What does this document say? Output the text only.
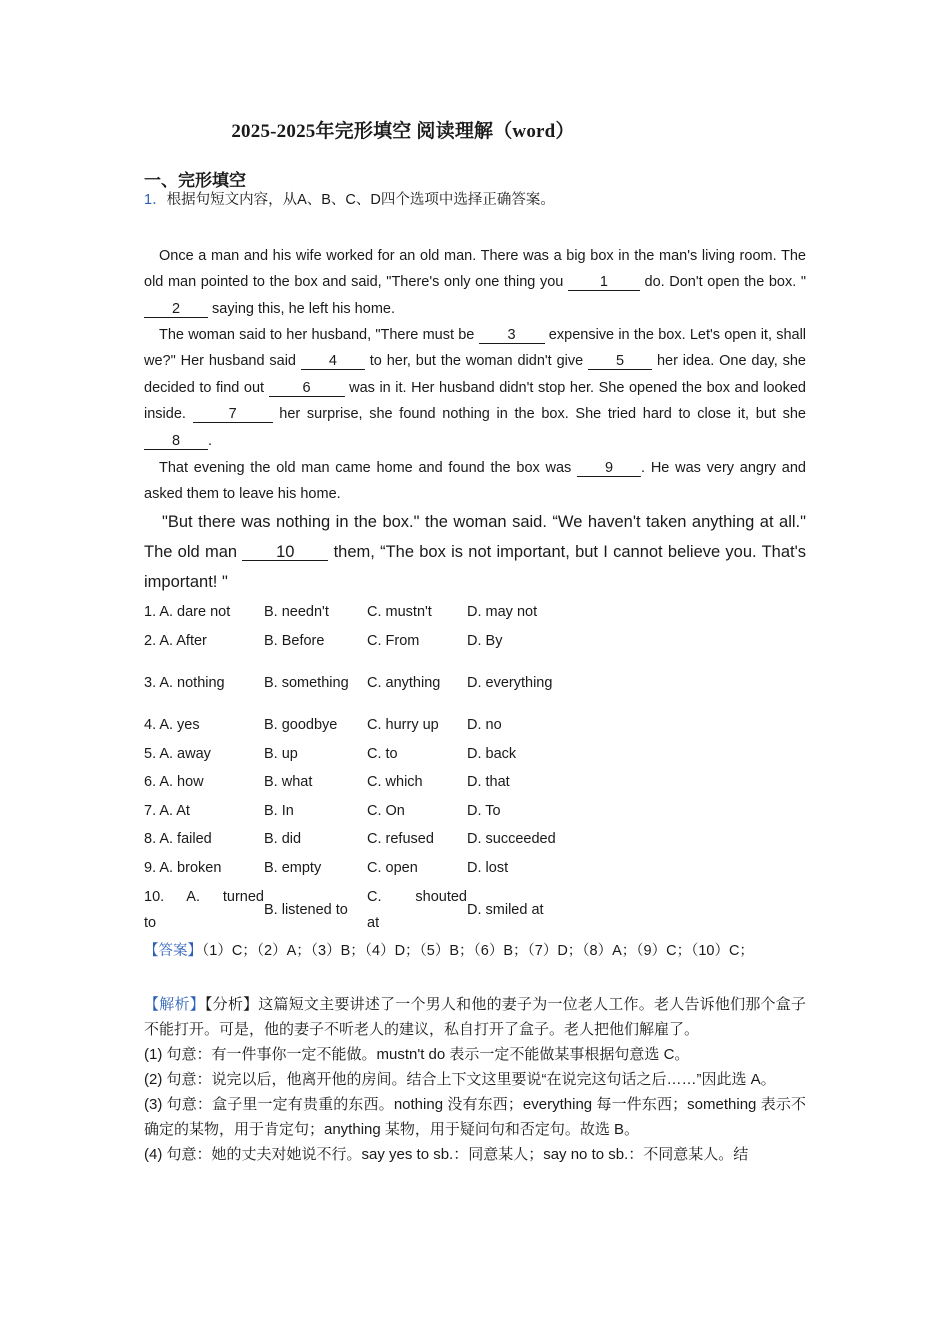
2025-2025年完形填空 阅读理解（word）
一、完形填空
1．根据句短文内容，从A、B、C、D四个选项中选择正确答案。
Once a man and his wife worked for an old man. There was a big box in the man's living room. The old man pointed to the box and said, "There's only one thing you 1 do. Don't open the box. " 2 saying this, he left his home.
The woman said to her husband, "There must be 3 expensive in the box. Let's open it, shall we?" Her husband said 4 to her, but the woman didn't give 5 her idea. One day, she decided to find out 6 was in it. Her husband didn't stop her. She opened the box and looked inside. 7 her surprise, she found nothing in the box. She tried hard to close it, but she 8 .
That evening the old man came home and found the box was 9 . He was very angry and asked them to leave his home.
"But there was nothing in the box." the woman said. “We haven't taken anything at all." The old man 10 them, “The box is not important, but I cannot believe you. That's important! "
1. A. dare not	B. needn't	C. mustn't	D. may not
2. A. After	B. Before	C. From	D. By
3. A. nothing	B. something	C. anything	D. everything
4. A. yes	B. goodbye	C. hurry up	D. no
5. A. away	B. up	C. to	D. back
6. A. how	B. what	C. which	D. that
7. A. At	B. In	C. On	D. To
8. A. failed	B. did	C. refused	D. succeeded
9. A. broken	B. empty	C. open	D. lost
10. A. turned to	B. listened to	C. shouted at	D. smiled at
【答案】（1）C；（2）A；（3）B；（4）D；（5）B；（6）B；（7）D；（8）A；（9）C；（10）C；

【解析】【分析】这篇短文主要讲述了一个男人和他的妻子为一位老人工作。老人告诉他们那个盒子不能打开。可是，他的妻子不听老人的建议，私自打开了盒子。老人把他们解雇了。

(1) 句意：有一件事你一定不能做。mustn't do 表示一定不能做某事根据句意选 C。

(2) 句意：说完以后，他离开他的房间。结合上下文这里要说“在说完这句话之后……”因此选 A。

(3) 句意：盒子里一定有贵重的东西。nothing 没有东西；everything 每一件东西；something 表示不确定的某物，用于肯定句；anything 某物，用于疑问句和否定句。故选 B。

(4) 句意：她的丈夫对她说不行。say yes to sb.：同意某人；say no to sb.：不同意某人。结
